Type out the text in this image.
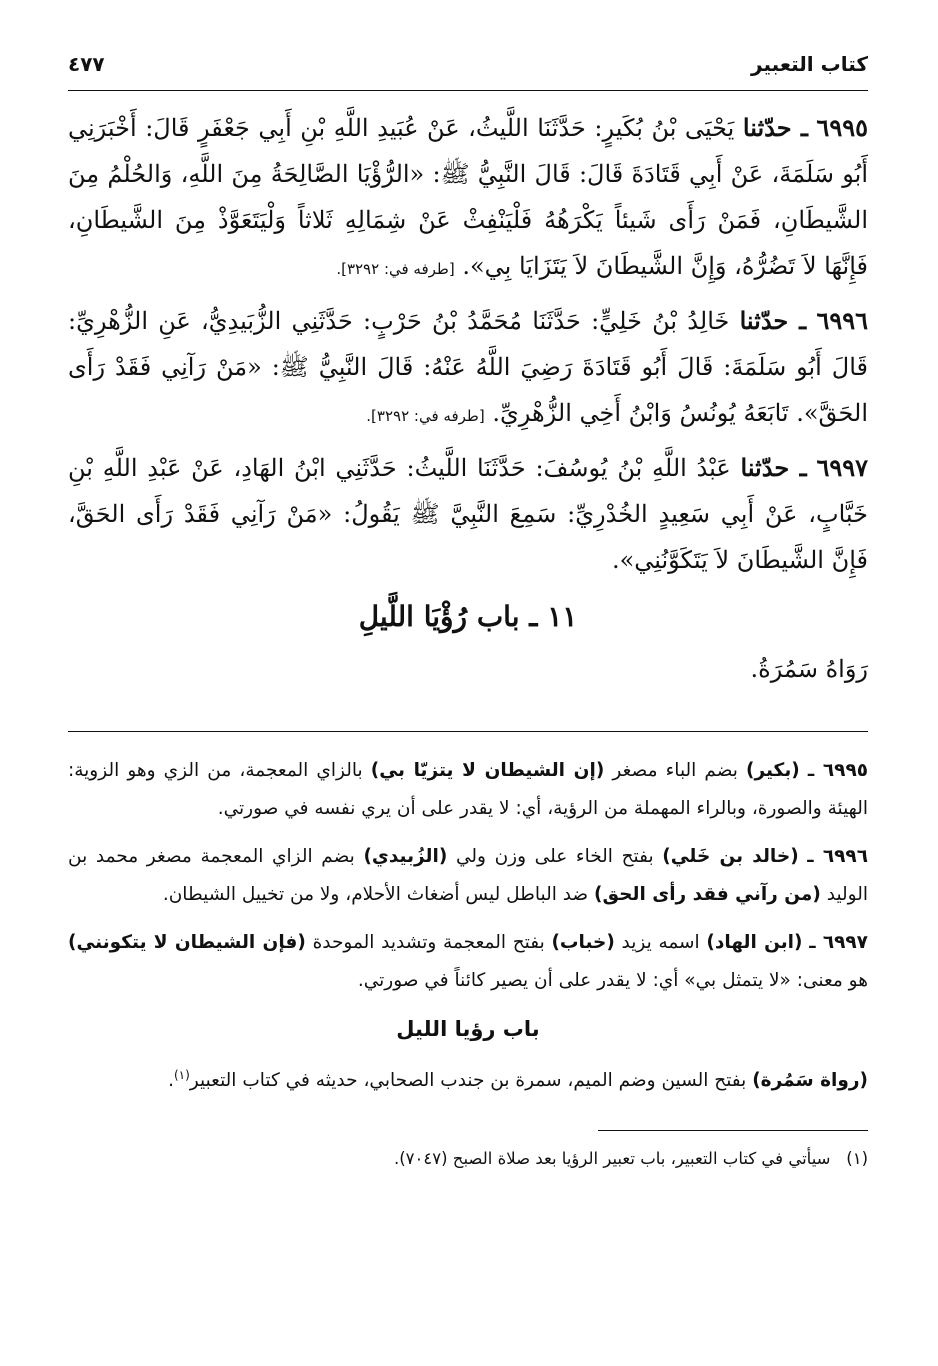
كتاب التعبير
٤٧٧

٦٩٩٥ ـ حدّثنا يَحْيَى بْنُ بُكَيرٍ: حَدَّثَنَا اللَّيثُ، عَنْ عُبَيدِ اللَّهِ بْنِ أَبِي جَعْفَرٍ قَالَ: أَخْبَرَنِي أَبُو سَلَمَةَ، عَنْ أَبِي قَتَادَةَ قَالَ: قَالَ النَّبِيُّ ﷺ: «الرُّؤْيَا الصَّالِحَةُ مِنَ اللَّهِ، وَالحُلْمُ مِنَ الشَّيطَانِ، فَمَنْ رَأَى شَيئاً يَكْرَهُهُ فَلْيَنْفِثْ عَنْ شِمَالِهِ ثَلاثاً وَلْيَتَعَوَّذْ مِنَ الشَّيطَانِ، فَإِنَّهَا لاَ تَضُرُّهُ، وَإِنَّ الشَّيطَانَ لاَ يَتَزَايَا بِي». [طرفه في: ٣٢٩٢].

٦٩٩٦ ـ حدّثنا خَالِدُ بْنُ خَلِيٍّ: حَدَّثَنَا مُحَمَّدُ بْنُ حَرْبٍ: حَدَّثَنِي الزُّبَيدِيُّ، عَنِ الزُّهْرِيِّ: قَالَ أَبُو سَلَمَةَ: قَالَ أَبُو قَتَادَةَ رَضِيَ اللَّهُ عَنْهُ: قَالَ النَّبِيُّ ﷺ: «مَنْ رَآنِي فَقَدْ رَأَى الحَقَّ». تَابَعَهُ يُونُسُ وَابْنُ أَخِي الزُّهْرِيِّ. [طرفه في: ٣٢٩٢].

٦٩٩٧ ـ حدّثنا عَبْدُ اللَّهِ بْنُ يُوسُفَ: حَدَّثَنَا اللَّيثُ: حَدَّثَنِي ابْنُ الهَادِ، عَنْ عَبْدِ اللَّهِ بْنِ خَبَّابٍ، عَنْ أَبِي سَعِيدٍ الخُدْرِيِّ: سَمِعَ النَّبِيَّ ﷺ يَقُولُ: «مَنْ رَآنِي فَقَدْ رَأَى الحَقَّ، فَإِنَّ الشَّيطَانَ لاَ يَتَكَوَّنُنِي».

١١ ـ باب رُؤْيَا اللَّيلِ
رَوَاهُ سَمُرَةُ.

٦٩٩٥ ـ (بكير) بضم الباء مصغر (إن الشيطان لا يتزيّا بي) بالزاي المعجمة، من الزي وهو الزوية: الهيئة والصورة، وبالراء المهملة من الرؤية، أي: لا يقدر على أن يري نفسه في صورتي.

٦٩٩٦ ـ (خالد بن خَلي) بفتح الخاء على وزن ولي (الزُبيدي) بضم الزاي المعجمة مصغر محمد بن الوليد (من رآني فقد رأى الحق) ضد الباطل ليس أضغاث الأحلام، ولا من تخييل الشيطان.

٦٩٩٧ ـ (ابن الهاد) اسمه يزيد (خباب) بفتح المعجمة وتشديد الموحدة (فإن الشيطان لا يتكونني) هو معنى: «لا يتمثل بي» أي: لا يقدر على أن يصير كائناً في صورتي.

باب رؤيا الليل

(رواة سَمُرة) بفتح السين وضم الميم، سمرة بن جندب الصحابي، حديثه في كتاب التعبير$^{(١)}$.

(١)   سيأتي في كتاب التعبير، باب تعبير الرؤيا بعد صلاة الصبح (٧٠٤٧).
